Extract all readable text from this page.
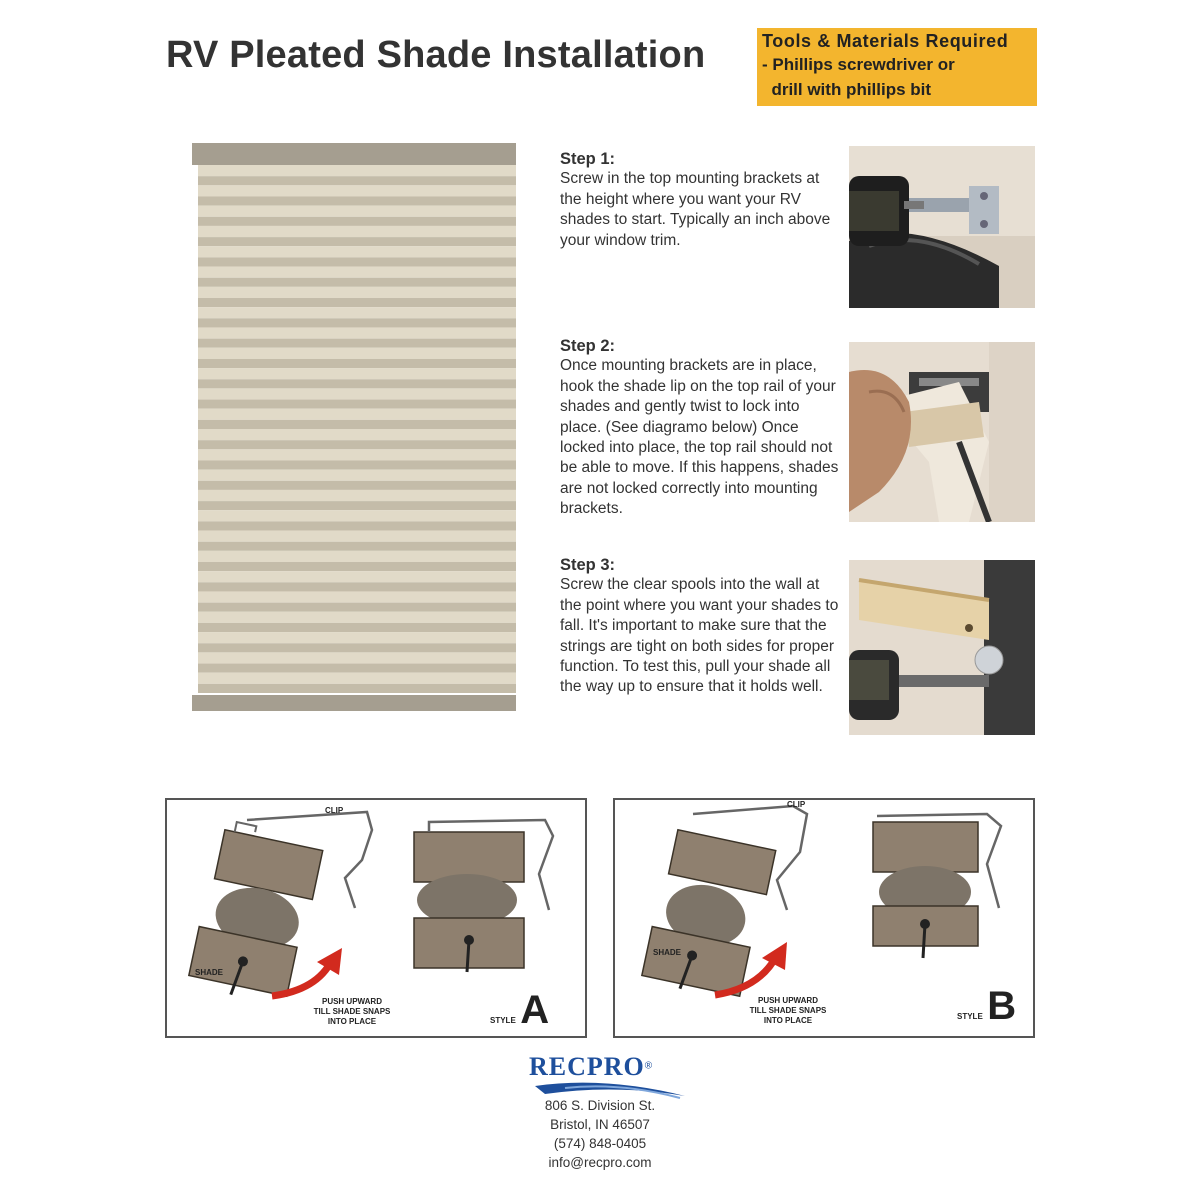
RV Pleated Shade Installation	Tools & Materials Required
- Phillips screwdriver or
drill with phillips bit
Step 1:
Screw in the top mounting brackets at the height where you want your RV shades to start. Typically an inch above your window trim.
Step 2:
Once mounting brackets are in place, hook the shade lip on the top rail of your shades and gently twist to lock into place. (See diagramo below) Once locked into place, the top rail should not be able to move. If this happens, shades are not locked correctly into mounting brackets.
Step 3:
Screw the clear spools into the wall at the point where you want your shades to fall. It's important to make sure that the strings are tight on both sides for proper function. To test this, pull your shade all the way up to ensure that it holds well.
CLIP
SHADE
PUSH UPWARD
TILL SHADE SNAPS
INTO PLACE	STYLE A
CLIP
SHADE
PUSH UPWARD
TILL SHADE SNAPS
INTO PLACE	STYLE B
RECPRO®
806 S. Division St.
Bristol, IN 46507
(574) 848-0405
info@recpro.com
